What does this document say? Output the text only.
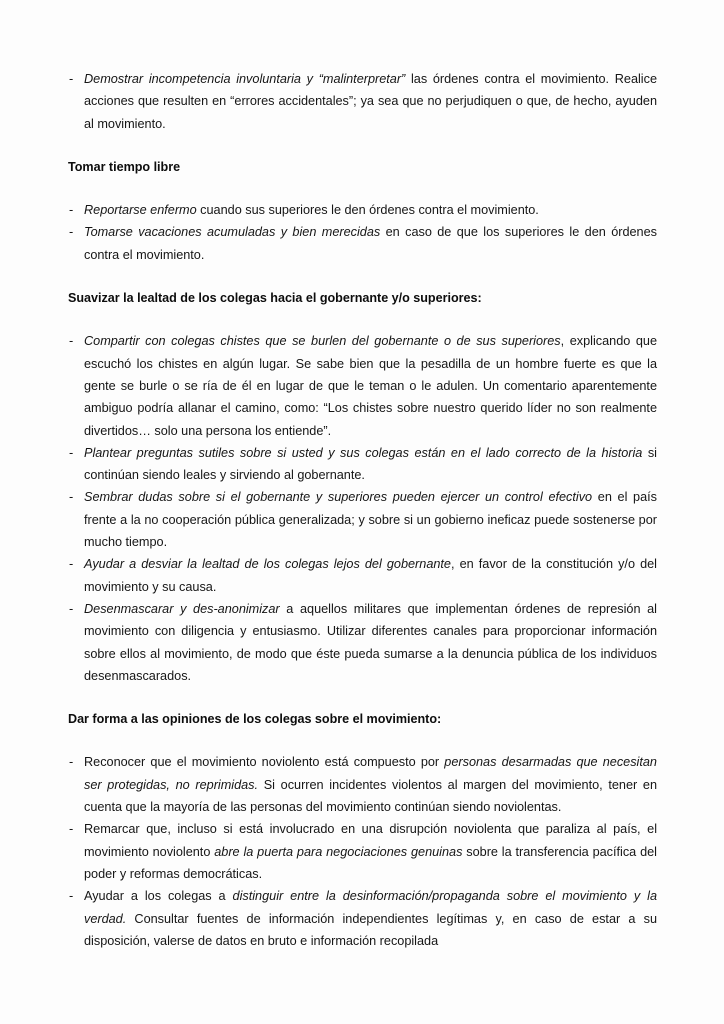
- Demostrar incompetencia involuntaria y “malinterpretar” las órdenes contra el movimiento. Realice acciones que resulten en “errores accidentales”; ya sea que no perjudiquen o que, de hecho, ayuden al movimiento.
Tomar tiempo libre
- Reportarse enfermo cuando sus superiores le den órdenes contra el movimiento.
- Tomarse vacaciones acumuladas y bien merecidas en caso de que los superiores le den órdenes contra el movimiento.
Suavizar la lealtad de los colegas hacia el gobernante y/o superiores:
- Compartir con colegas chistes que se burlen del gobernante o de sus superiores, explicando que escuchó los chistes en algún lugar. Se sabe bien que la pesadilla de un hombre fuerte es que la gente se burle o se ría de él en lugar de que le teman o le adulen. Un comentario aparentemente ambiguo podría allanar el camino, como: “Los chistes sobre nuestro querido líder no son realmente divertidos… solo una persona los entiende”.
- Plantear preguntas sutiles sobre si usted y sus colegas están en el lado correcto de la historia si continúan siendo leales y sirviendo al gobernante.
- Sembrar dudas sobre si el gobernante y superiores pueden ejercer un control efectivo en el país frente a la no cooperación pública generalizada; y sobre si un gobierno ineficaz puede sostenerse por mucho tiempo.
- Ayudar a desviar la lealtad de los colegas lejos del gobernante, en favor de la constitución y/o del movimiento y su causa.
- Desenmascarar y des-anonimizar a aquellos militares que implementan órdenes de represión al movimiento con diligencia y entusiasmo. Utilizar diferentes canales para proporcionar información sobre ellos al movimiento, de modo que éste pueda sumarse a la denuncia pública de los individuos desenmascarados.
Dar forma a las opiniones de los colegas sobre el movimiento:
- Reconocer que el movimiento noviolento está compuesto por personas desarmadas que necesitan ser protegidas, no reprimidas. Si ocurren incidentes violentos al margen del movimiento, tener en cuenta que la mayoría de las personas del movimiento continúan siendo noviolentas.
- Remarcar que, incluso si está involucrado en una disrupción noviolenta que paraliza al país, el movimiento noviolento abre la puerta para negociaciones genuinas sobre la transferencia pacífica del poder y reformas democráticas.
- Ayudar a los colegas a distinguir entre la desinformación/propaganda sobre el movimiento y la verdad. Consultar fuentes de información independientes legítimas y, en caso de estar a su disposición, valerse de datos en bruto e información recopilada
